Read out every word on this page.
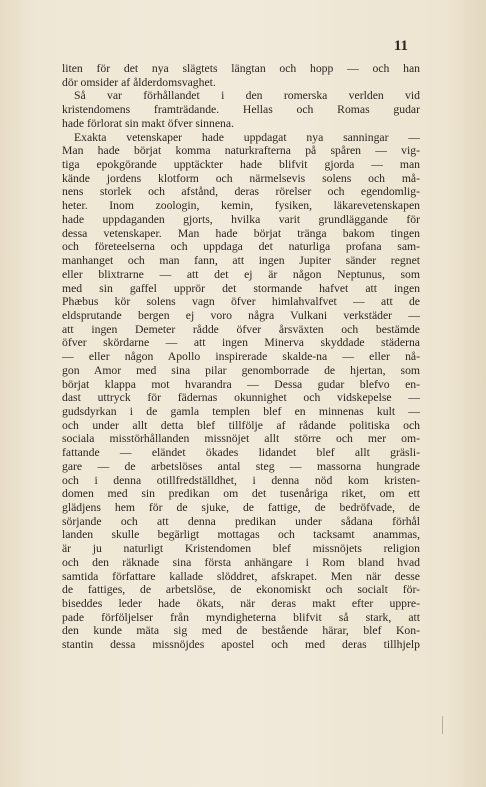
11
liten för det nya slägtets längtan och hopp — och han
dör omsider af ålderdomsvaghet.
Så var förhållandet i den romerska verlden vid
kristendomens framträdande. Hellas och Romas gudar
hade förlorat sin makt öfver sinnena.
Exakta vetenskaper hade uppdagat nya sanningar —
Man hade börjat komma naturkrafterna på spåren — vig-
tiga epokgörande upptäckter hade blifvit gjorda — man
kände jordens klotform och närmelsevis solens och må-
nens storlek och afstånd, deras rörelser och egendomlig-
heter. Inom zoologin, kemin, fysiken, läkarevetenskapen
hade uppdaganden gjorts, hvilka varit grundläggande för
dessa vetenskaper. Man hade börjat tränga bakom tingen
och företeelserna och uppdaga det naturliga profana sam-
manhanget och man fann, att ingen Jupiter sänder regnet
eller blixtrarne — att det ej är någon Neptunus, som
med sin gaffel upprör det stormande hafvet att ingen
Phæbus kör solens vagn öfver himlahvalfvet — att de
eldsprutande bergen ej voro några Vulkani verkstäder —
att ingen Demeter rådde öfver årsväxten och bestämde
öfver skördarne — att ingen Minerva skyddade städerna
— eller någon Apollo inspirerade skalde-na — eller nå-
gon Amor med sina pilar genomborrade de hjertan, som
börjat klappa mot hvarandra — Dessa gudar blefvo en-
dast uttryck för fädernas okunnighet och vidskepelse —
gudsdyrkan i de gamla templen blef en minnenas kult —
och under allt detta blef tillfölje af rådande politiska och
sociala misstörhållanden missnöjet allt större och mer om-
fattande — eländet ökades lidandet blef allt gräsli-
gare — de arbetslöses antal steg — massorna hungrade
och i denna otillfredställdhet, i denna nöd kom kristen-
domen med sin predikan om det tusenåriga riket, om ett
glädjens hem för de sjuke, de fattige, de bedröfvade, de
sörjande och att denna predikan under sådana förhål
landen skulle begärligt mottagas och tacksamt anammas,
är ju naturligt Kristendomen blef missnöjets religion
och den räknade sina första anhängare i Rom bland hvad
samtida författare kallade slöddret, afskrapet. Men när desse
de fattiges, de arbetslöse, de ekonomiskt och socialt för-
biseddes leder hade ökats, när deras makt efter uppre-
pade förföljelser från myndigheterna blifvit så stark, att
den kunde mäta sig med de bestående härar, blef Kon-
stantin dessa missnöjdes apostel och med deras tillhjelp
